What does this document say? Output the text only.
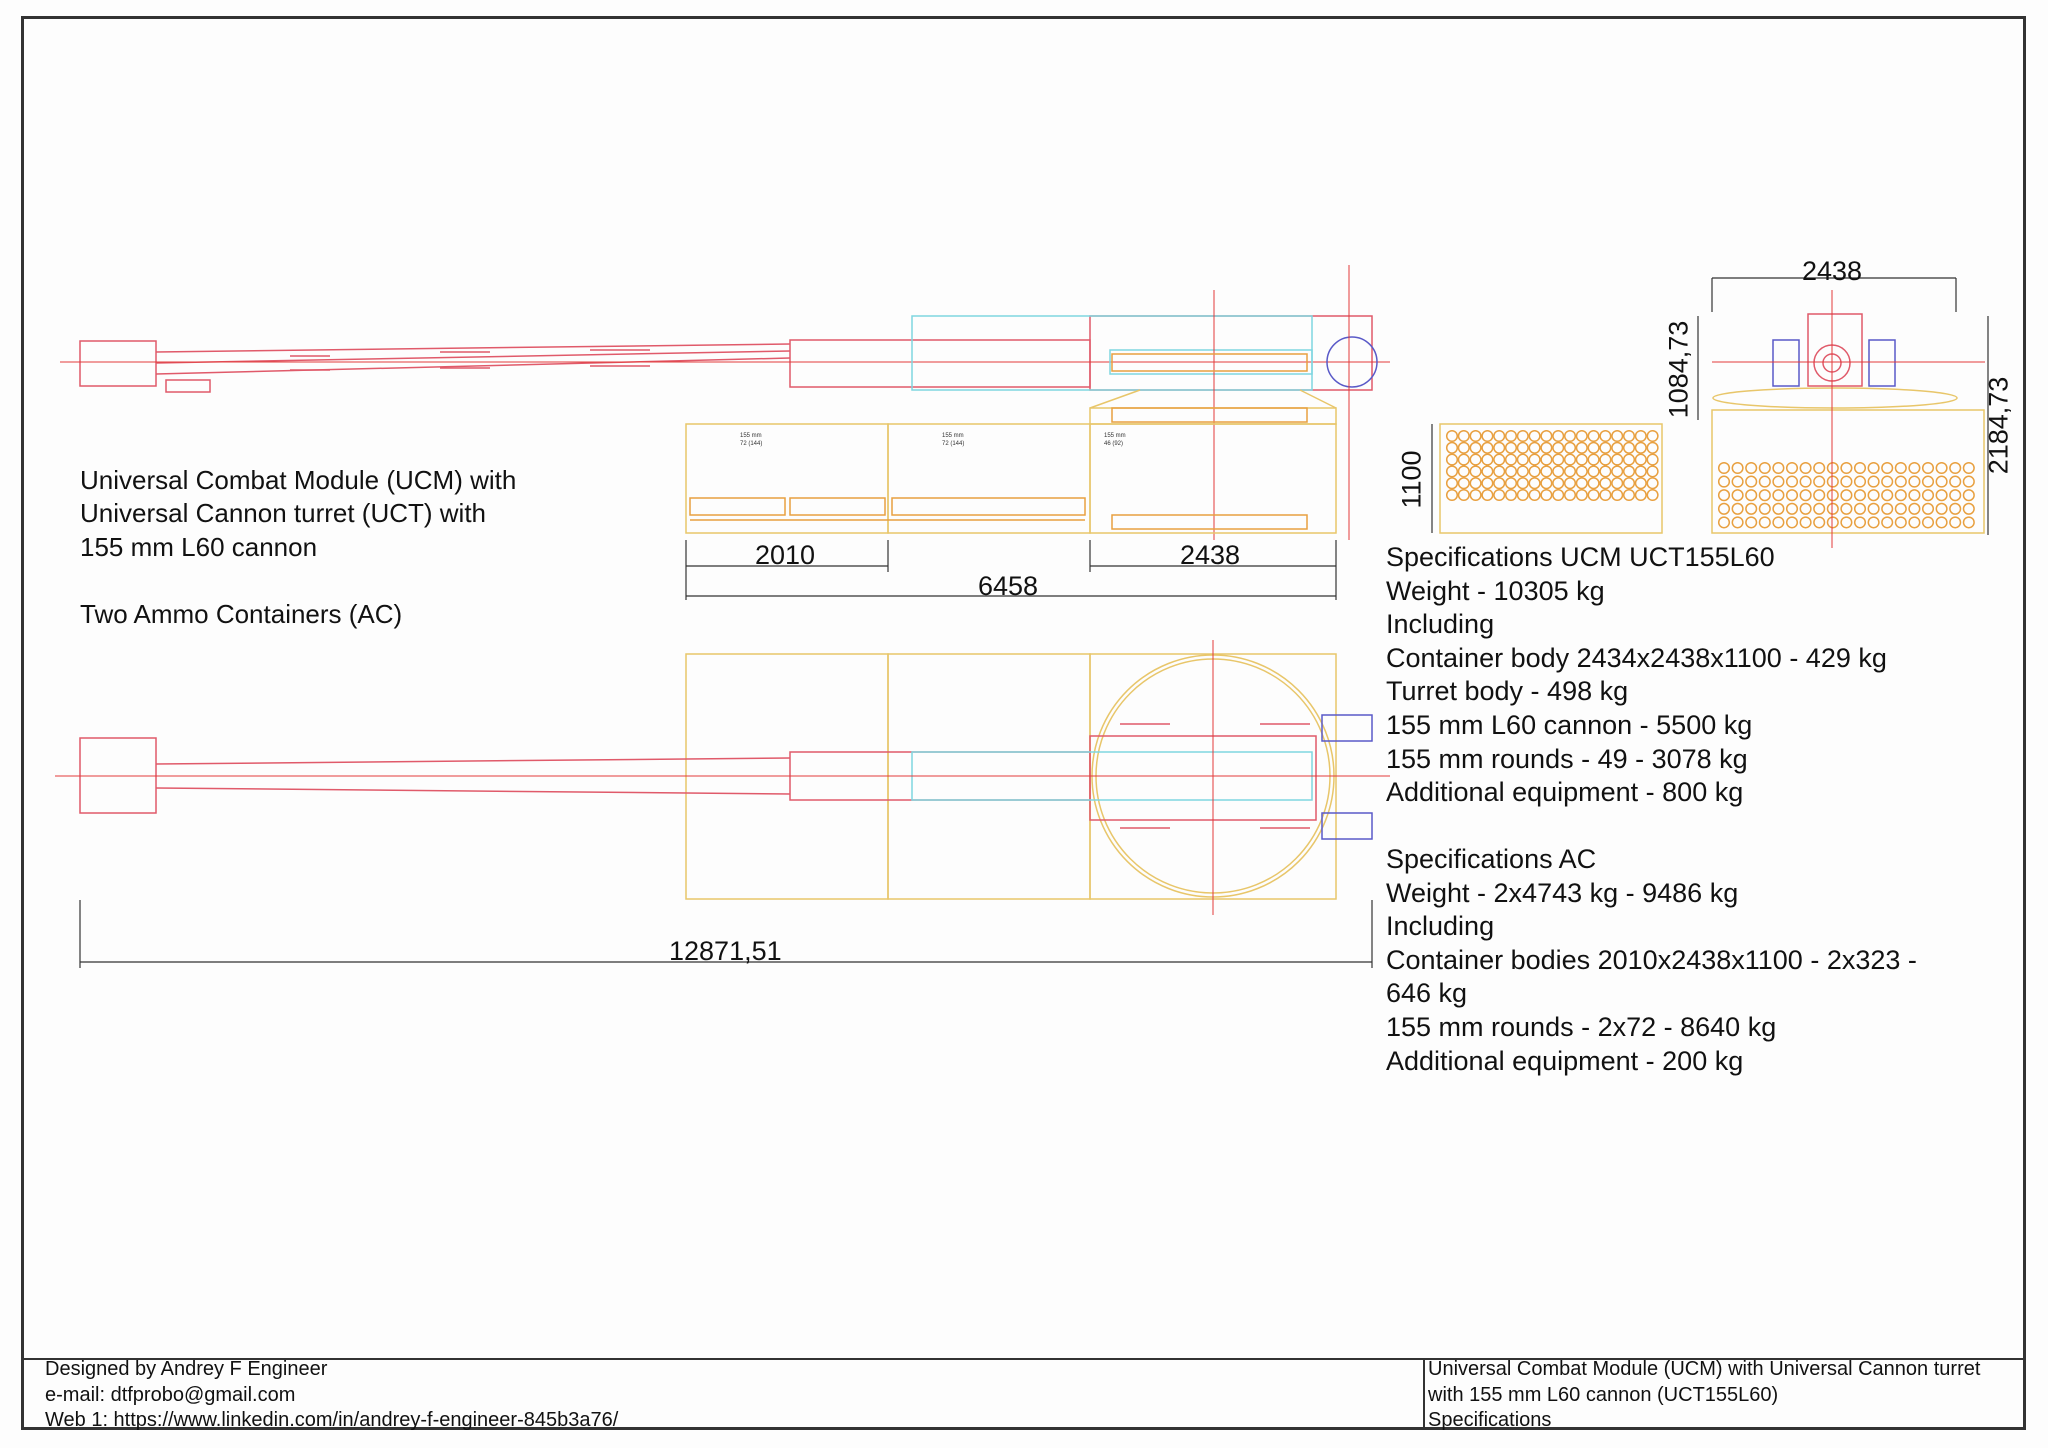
155 mm
72 (144)
155 mm
72 (144)
155 mm
46 (92)
Universal Combat Module (UCM) with
Universal Cannon turret (UCT) with
155 mm L60 cannon
Two Ammo Containers (AC)
2010	2438
6458
12871,51
2438
1084,73
2184,73
1100
Specifications UCM UCT155L60
Weight - 10305 kg
Including
Container body 2434x2438x1100 - 429 kg
Turret body - 498 kg
155 mm L60 cannon - 5500 kg
155 mm rounds - 49 - 3078 kg
Additional equipment - 800 kg
Specifications AC
Weight - 2x4743 kg - 9486 kg
Including
Container bodies 2010x2438x1100 - 2x323 -
646 kg
155 mm rounds - 2x72 - 8640 kg
Additional equipment - 200 kg
Designed by Andrey F Engineer
e-mail: dtfprobo@gmail.com
Web 1: https://www.linkedin.com/in/andrey-f-engineer-845b3a76/
Universal Combat Module (UCM) with Universal Cannon turret
with 155 mm L60 cannon (UCT155L60)
Specifications
